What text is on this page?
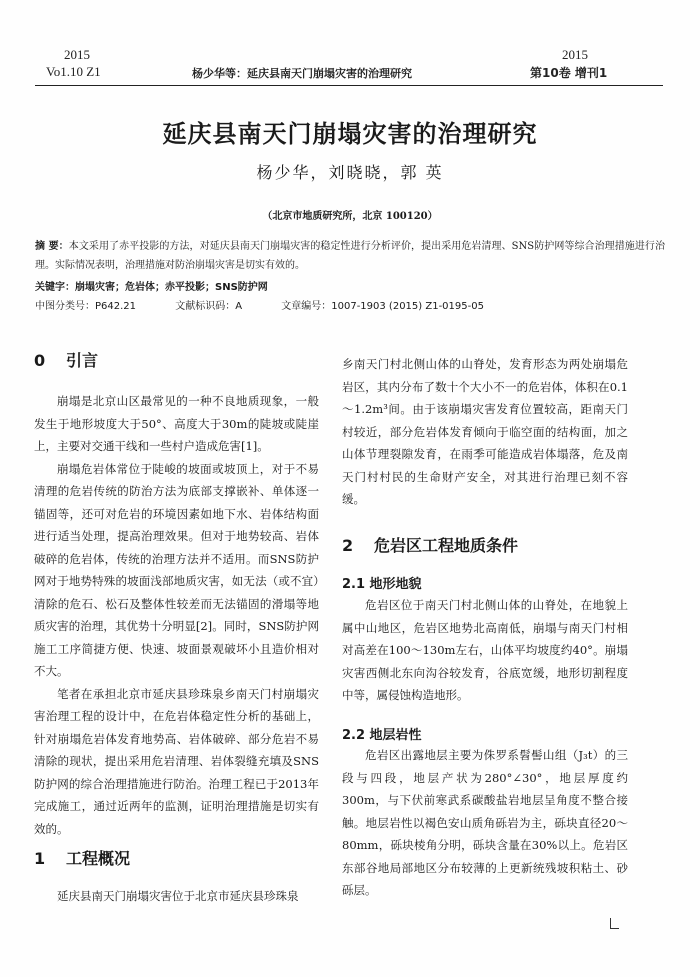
2015
Vo1.10 Z1	杨少华等：延庆县南天门崩塌灾害的治理研究
2015
第10卷 增刊1
延庆县南天门崩塌灾害的治理研究
杨少华，刘晓晓，郭 英
（北京市地质研究所，北京 100120）
摘 要：本文采用了赤平投影的方法，对延庆县南天门崩塌灾害的稳定性进行分析评价，提出采用危岩清理、SNS防护网等综合治理措施进行治理。实际情况表明，治理措施对防治崩塌灾害是切实有效的。
关键字：崩塌灾害；危岩体；赤平投影；SNS防护网
中图分类号：P642.21	文献标识码：A	文章编号：1007-1903 (2015) Z1-0195-05
0 引言

崩塌是北京山区最常见的一种不良地质现象，一般发生于地形坡度大于50°、高度大于30m的陡坡或陡崖上，主要对交通干线和一些村户造成危害[1]。

崩塌危岩体常位于陡峻的坡面或坡顶上，对于不易清理的危岩传统的防治方法为底部支撑嵌补、单体逐一锚固等，还可对危岩的环境因素如地下水、岩体结构面进行适当处理，提高治理效果。但对于地势较高、岩体破碎的危岩体，传统的治理方法并不适用。而SNS防护网对于地势特殊的坡面浅部地质灾害，如无法（或不宜）清除的危石、松石及整体性较差而无法锚固的滑塌等地质灾害的治理，其优势十分明显[2]。同时，SNS防护网施工工序简捷方便、快速、坡面景观破坏小且造价相对不大。

笔者在承担北京市延庆县珍珠泉乡南天门村崩塌灾害治理工程的设计中，在危岩体稳定性分析的基础上，针对崩塌危岩体发育地势高、岩体破碎、部分危岩不易清除的现状，提出采用危岩清理、岩体裂缝充填及SNS防护网的综合治理措施进行防治。治理工程已于2013年完成施工，通过近两年的监测，证明治理措施是切实有效的。

1 工程概况

延庆县南天门崩塌灾害位于北京市延庆县珍珠泉

乡南天门村北侧山体的山脊处，发育形态为两处崩塌危岩区，其内分布了数十个大小不一的危岩体，体积在0.1～1.2m³间。由于该崩塌灾害发育位置较高，距南天门村较近，部分危岩体发育倾向于临空面的结构面，加之山体节理裂隙发育，在雨季可能造成岩体塌落，危及南天门村村民的生命财产安全，对其进行治理已刻不容缓。

2 危岩区工程地质条件
2.1 地形地貌

危岩区位于南天门村北侧山体的山脊处，在地貌上属中山地区，危岩区地势北高南低，崩塌与南天门村相对高差在100～130m左右，山体平均坡度约40°。崩塌灾害西侧北东向沟谷较发育，谷底宽缓，地形切割程度中等，属侵蚀构造地形。

2.2 地层岩性

危岩区出露地层主要为侏罗系髫髻山组（J₃t）的三段与四段，地层产状为280°∠30°，地层厚度约300m，与下伏前寒武系碳酸盐岩地层呈角度不整合接触。地层岩性以褐色安山质角砾岩为主，砾块直径20～80mm，砾块棱角分明，砾块含量在30%以上。危岩区东部谷地局部地区分布较薄的上更新统残坡积粘土、砂砾层。
